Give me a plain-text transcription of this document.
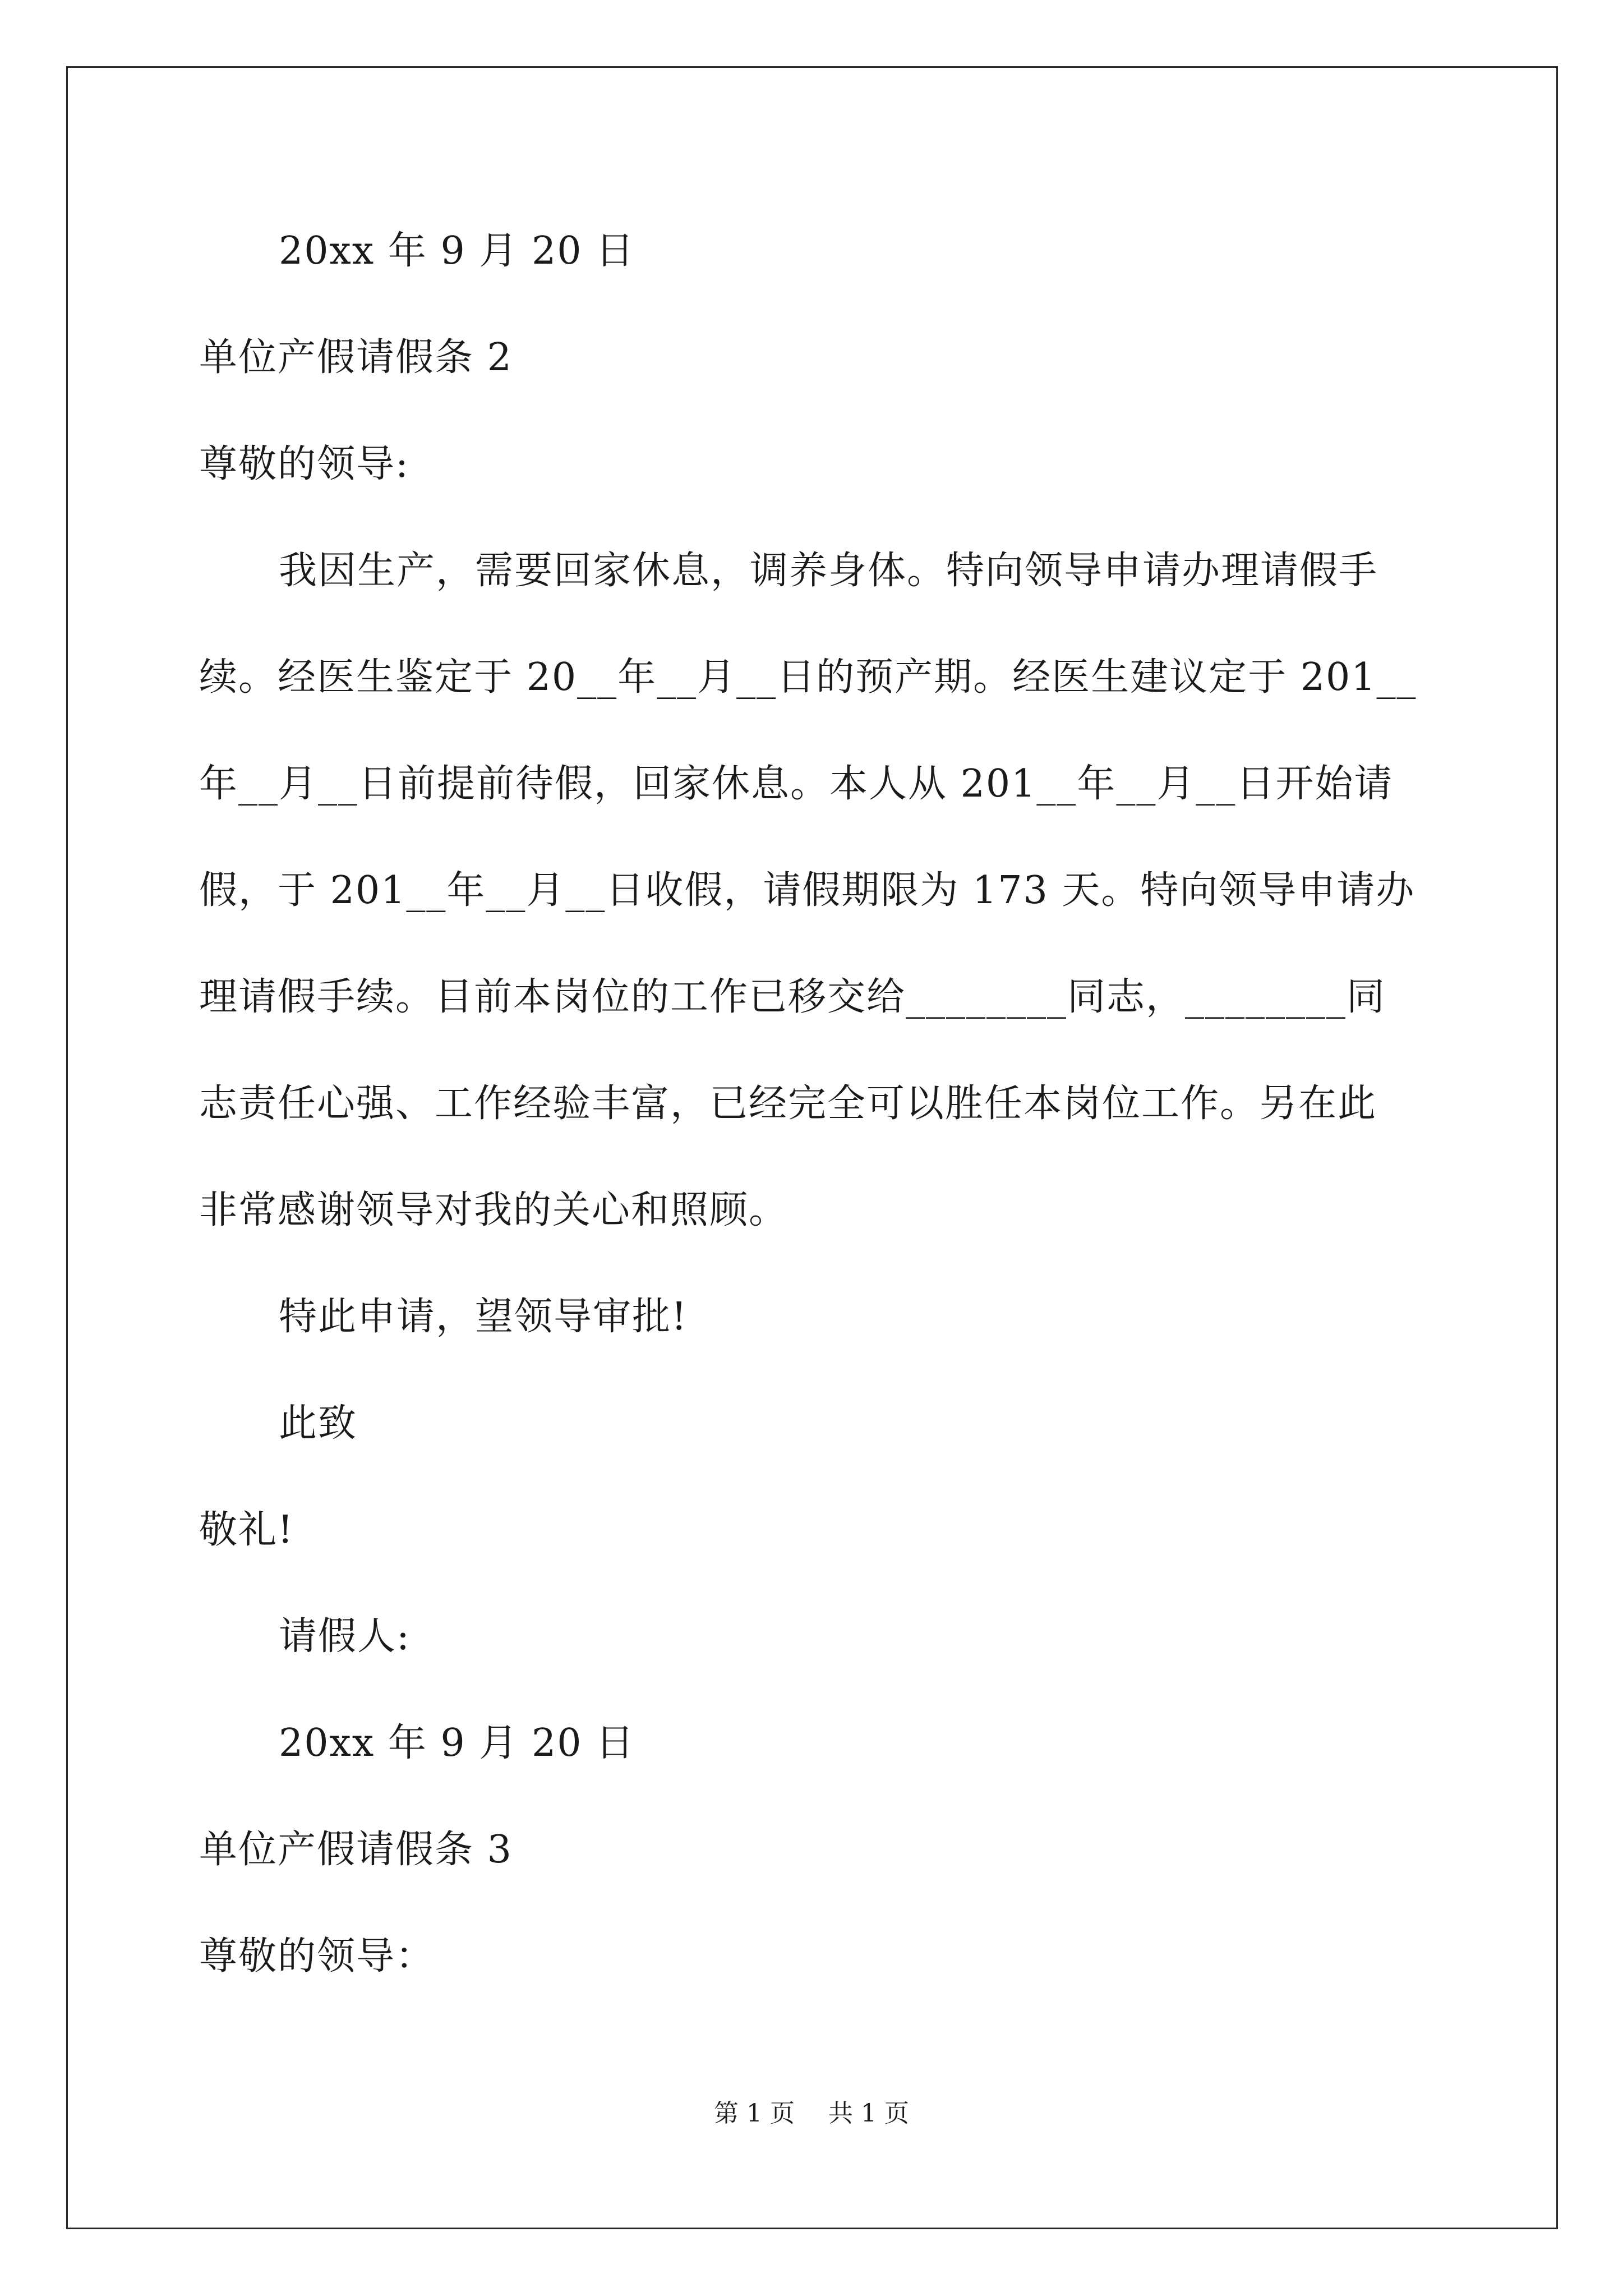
20xx 年 9 月 20 日
单位产假请假条 2
尊敬的领导:
我因生产，需要回家休息，调养身体。特向领导申请办理请假手
续。经医生鉴定于 20__年__月__日的预产期。经医生建议定于 201__
年__月__日前提前待假，回家休息。本人从 201__年__月__日开始请
假，于 201__年__月__日收假，请假期限为 173 天。特向领导申请办
理请假手续。目前本岗位的工作已移交给________同志，________同
志责任心强、工作经验丰富，已经完全可以胜任本岗位工作。另在此
非常感谢领导对我的关心和照顾。
特此申请，望领导审批!
此致
敬礼!
请假人:
20xx 年 9 月 20 日
单位产假请假条 3
尊敬的领导：
第 1 页 共 1 页
